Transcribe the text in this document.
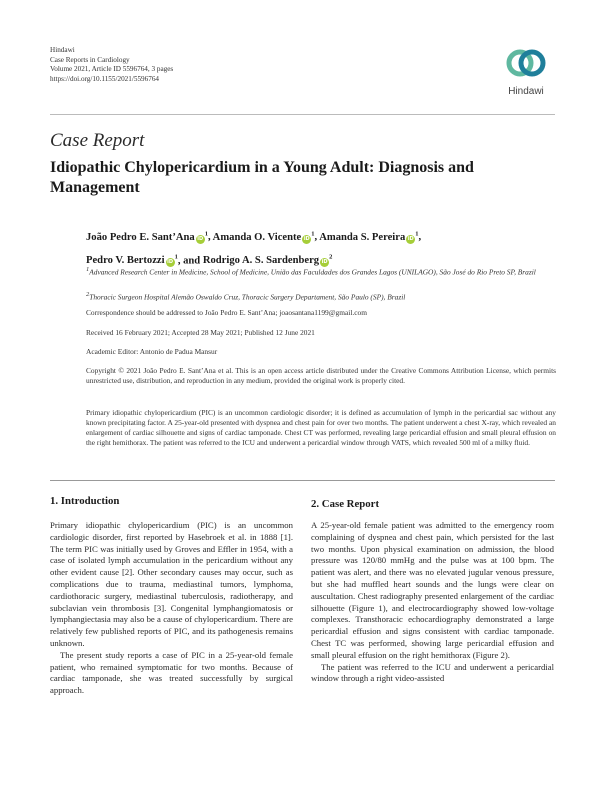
Hindawi
Case Reports in Cardiology
Volume 2021, Article ID 5596764, 3 pages
https://doi.org/10.1155/2021/5596764
Hindawi
Case Report
Idiopathic Chylopericardium in a Young Adult: Diagnosis and Management
João Pedro E. Sant’Ana $iD^1$, Amanda O. Vicente $iD^1$, Amanda S. Pereira $iD^1$,
Pedro V. Bertozzi $iD^1$, and Rodrigo A. S. Sardenberg $iD^2$
$^1$Advanced Research Center in Medicine, School of Medicine, União das Faculdades dos Grandes Lagos (UNILAGO), São José do Rio Preto SP, Brazil
$^2$Thoracic Surgeon Hospital Alemão Oswaldo Cruz, Thoracic Surgery Departament, São Paulo (SP), Brazil
Correspondence should be addressed to João Pedro E. Sant’Ana; joaosantana1199@gmail.com
Received 16 February 2021; Accepted 28 May 2021; Published 12 June 2021
Academic Editor: Antonio de Padua Mansur
Copyright © 2021 João Pedro E. Sant’Ana et al. This is an open access article distributed under the Creative Commons Attribution License, which permits unrestricted use, distribution, and reproduction in any medium, provided the original work is properly cited.
Primary idiopathic chylopericardium (PIC) is an uncommon cardiologic disorder; it is defined as accumulation of lymph in the pericardial sac without any known precipitating factor. A 25-year-old presented with dyspnea and chest pain for over two months. The patient underwent a chest X-ray, which revealed an enlargement of cardiac silhouette and signs of cardiac tamponade. Chest CT was performed, revealing large pericardial effusion and small pleural effusion on the right hemithorax. The patient was referred to the ICU and underwent a pericardial window through VATS, which revealed 500 ml of a milky fluid.
1. Introduction

Primary idiopathic chylopericardium (PIC) is an uncommon cardiologic disorder, first reported by Hasebroek et al. in 1888 [1]. The term PIC was initially used by Groves and Effler in 1954, with a case of isolated lymph accumulation in the pericardium without any other evident cause [2]. Other secondary causes may occur, such as complications due to trauma, mediastinal tumors, lymphoma, cardiothoracic surgery, mediastinal tuberculosis, radiotherapy, and subclavian vein thrombosis [3]. Congenital lymphangiomatosis or lymphangiectasia may also be a cause of chylopericardium. There are relatively few published reports of PIC, and its pathogenesis remains unknown.

The present study reports a case of PIC in a 25-year-old female patient, who remained symptomatic for two months. Because of cardiac tamponade, she was treated successfully by surgical approach.

2. Case Report

A 25-year-old female patient was admitted to the emergency room complaining of dyspnea and chest pain, which persisted for the last two months. Upon physical examination on admission, the blood pressure was 120/80 mmHg and the pulse was at 100 bpm. The patient was alert, and there was no elevated jugular venous pressure, but she had muffled heart sounds and the lungs were clear on auscultation. Chest radiography presented enlargement of the cardiac silhouette (Figure 1), and electrocardiography showed low-voltage complexes. Transthoracic echocardiography demonstrated a large pericardial effusion and signs consistent with cardiac tamponade. Chest TC was performed, showing large pericardial effusion and small pleural effusion on the right hemithorax (Figure 2).

The patient was referred to the ICU and underwent a pericardial window through a right video-assisted
